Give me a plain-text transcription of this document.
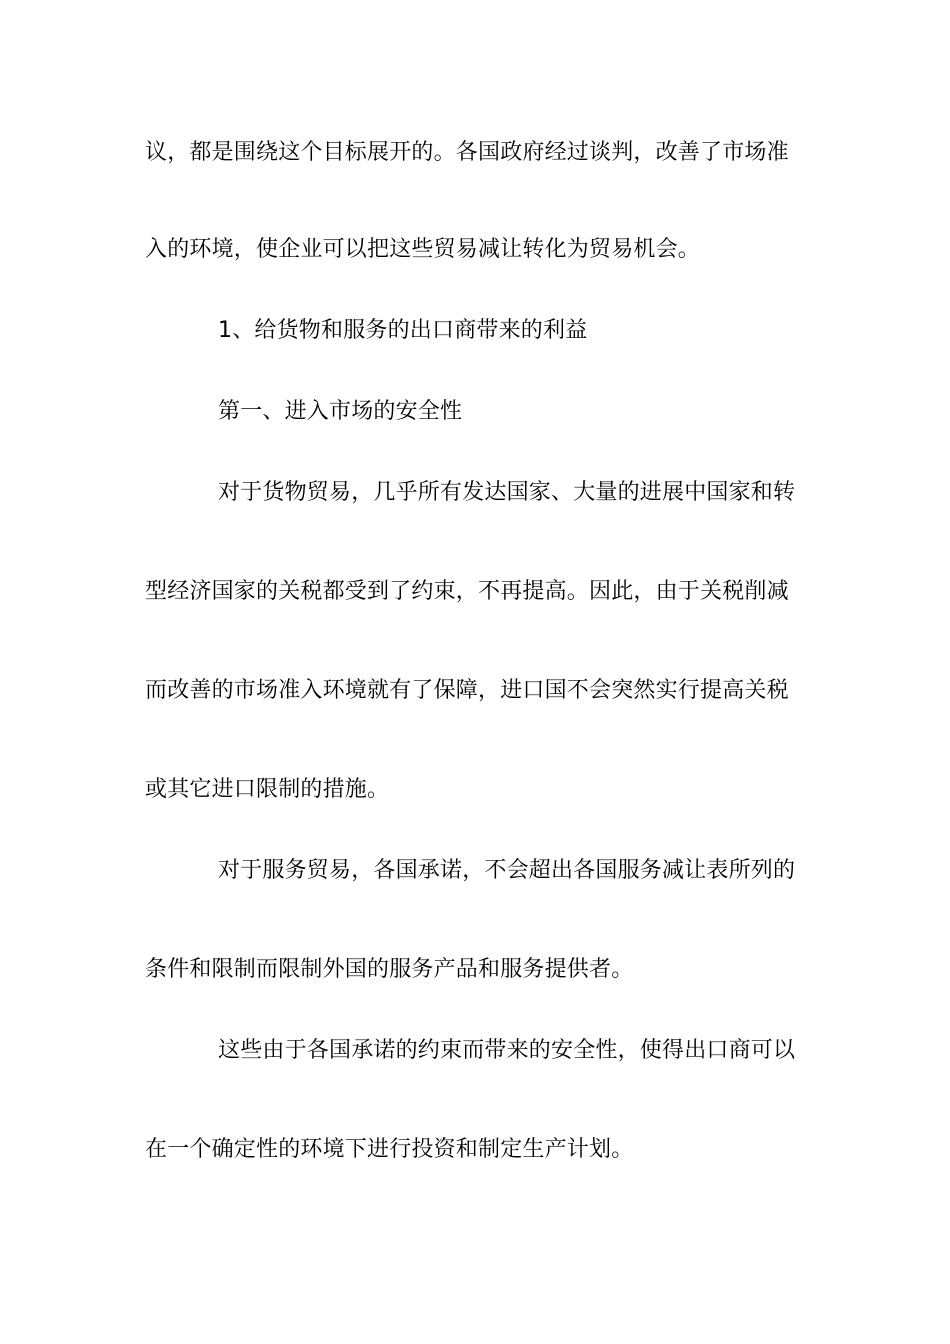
议，都是围绕这个目标展开的。各国政府经过谈判，改善了市场准
入的环境，使企业可以把这些贸易减让转化为贸易机会。
1、给货物和服务的出口商带来的利益
第一、进入市场的安全性
对于货物贸易，几乎所有发达国家、大量的进展中国家和转
型经济国家的关税都受到了约束，不再提高。因此，由于关税削减
而改善的市场准入环境就有了保障，进口国不会突然实行提高关税
或其它进口限制的措施。
对于服务贸易，各国承诺，不会超出各国服务减让表所列的
条件和限制而限制外国的服务产品和服务提供者。
这些由于各国承诺的约束而带来的安全性，使得出口商可以
在一个确定性的环境下进行投资和制定生产计划。
